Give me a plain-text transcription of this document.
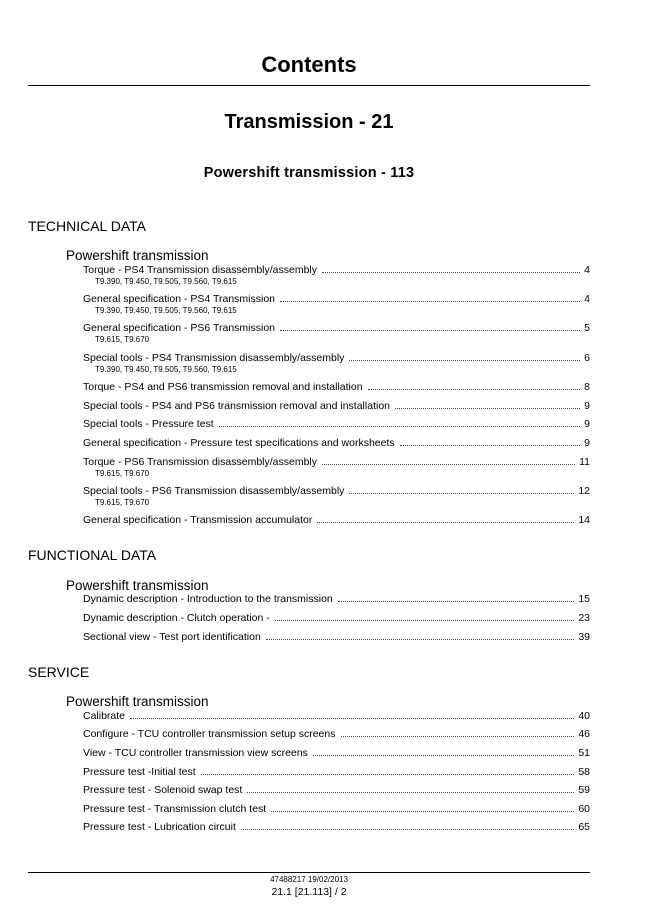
Contents
Transmission - 21
Powershift transmission - 113
TECHNICAL DATA
Powershift transmission
Torque - PS4 Transmission disassembly/assembly	4
T9.390, T9.450, T9.505, T9.560, T9.615
General specification - PS4 Transmission	4
T9.390, T9.450, T9.505, T9.560, T9.615
General specification - PS6 Transmission	5
T9.615, T9.670
Special tools - PS4 Transmission disassembly/assembly	6
T9.390, T9.450, T9.505, T9.560, T9.615
Torque - PS4 and PS6 transmission removal and installation	8
Special tools - PS4 and PS6 transmission removal and installation	9
Special tools - Pressure test	9
General specification - Pressure test specifications and worksheets	9
Torque - PS6 Transmission disassembly/assembly	11
T9.615, T9.670
Special tools - PS6 Transmission disassembly/assembly	12
T9.615, T9.670
General specification - Transmission accumulator	14
FUNCTIONAL DATA
Powershift transmission
Dynamic description - Introduction to the transmission	15
Dynamic description - Clutch operation -	23
Sectional view - Test port identification	39
SERVICE
Powershift transmission
Calibrate	40
Configure - TCU controller transmission setup screens	46
View - TCU controller transmission view screens	51
Pressure test -Initial test	58
Pressure test - Solenoid swap test	59
Pressure test - Transmission clutch test	60
Pressure test - Lubrication circuit	65
47488217 19/02/2013
21.1 [21.113] / 2
